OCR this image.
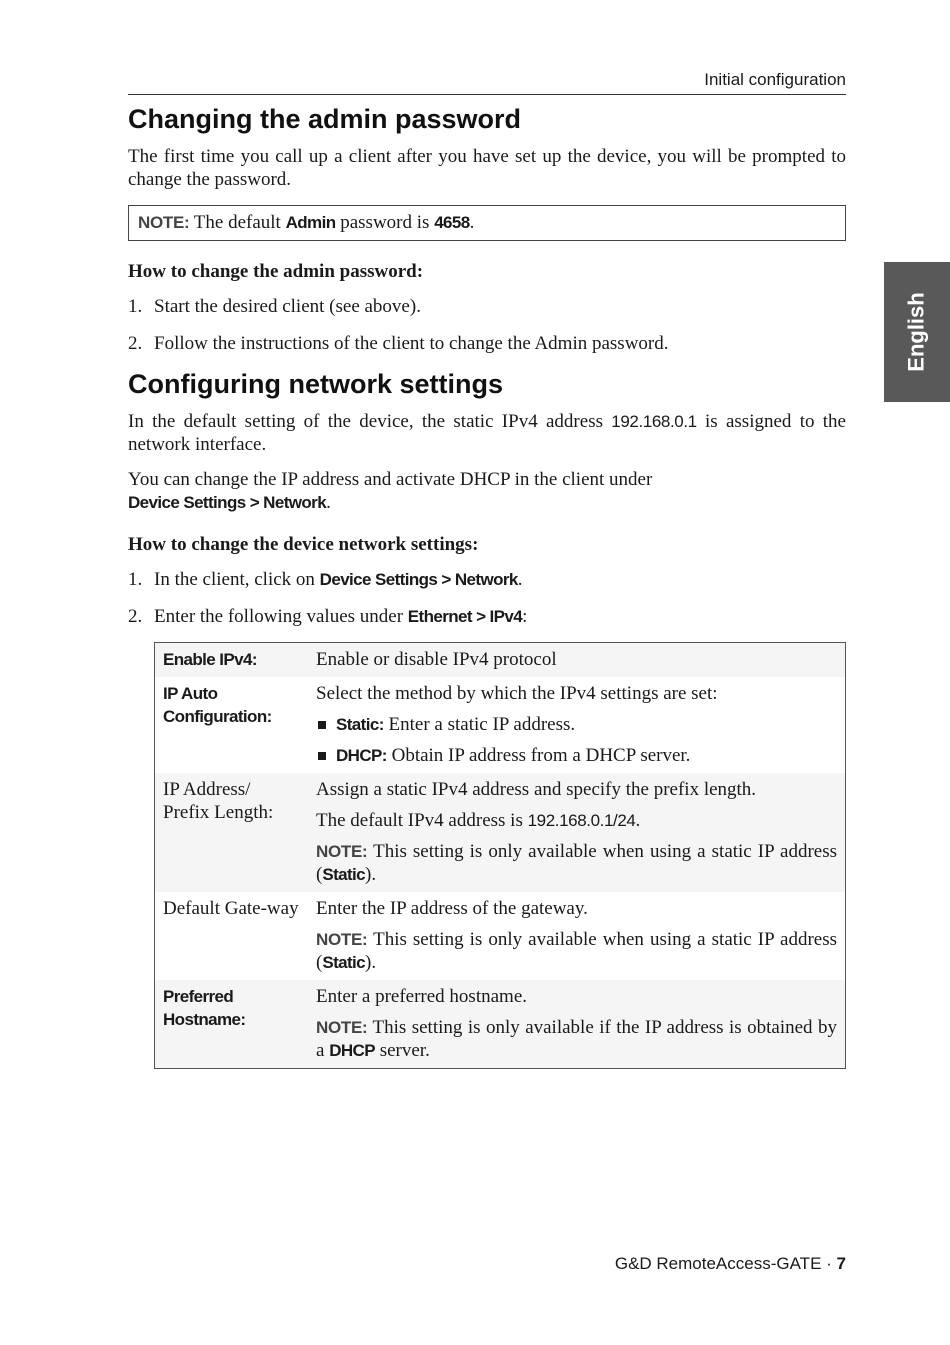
Initial configuration
English
Changing the admin password

The first time you call up a client after you have set up the device, you will be prompted to change the password.

NOTE: The default Admin password is 4658.
How to change the admin password:
1. Start the desired client (see above).
2. Follow the instructions of the client to change the Admin password.
Configuring network settings

In the default setting of the device, the static IPv4 address 192.168.0.1 is assigned to the network interface.

You can change the IP address and activate DHCP in the client under
Device Settings > Network.

How to change the device network settings:
1. In the client, click on Device Settings > Network.
2. Enter the following values under Ethernet > IPv4:
Enable IPv4:	Enable or disable IPv4 protocol

IP Auto Configuration:	Select the method by which the IPv4 settings are set:
Static: Enter a static IP address.
DHCP: Obtain IP address from a DHCP server.

IP Address/ Prefix Length:	Assign a static IPv4 address and specify the prefix length.
The default IPv4 address is 192.168.0.1/24.
NOTE: This setting is only available when using a static IP address (Static).

Default Gate-way	Enter the IP address of the gateway.
NOTE: This setting is only available when using a static IP address (Static).

Preferred Hostname:	Enter a preferred hostname.
NOTE: This setting is only available if the IP address is obtained by a DHCP server.
G&D RemoteAccess-GATE · 7
